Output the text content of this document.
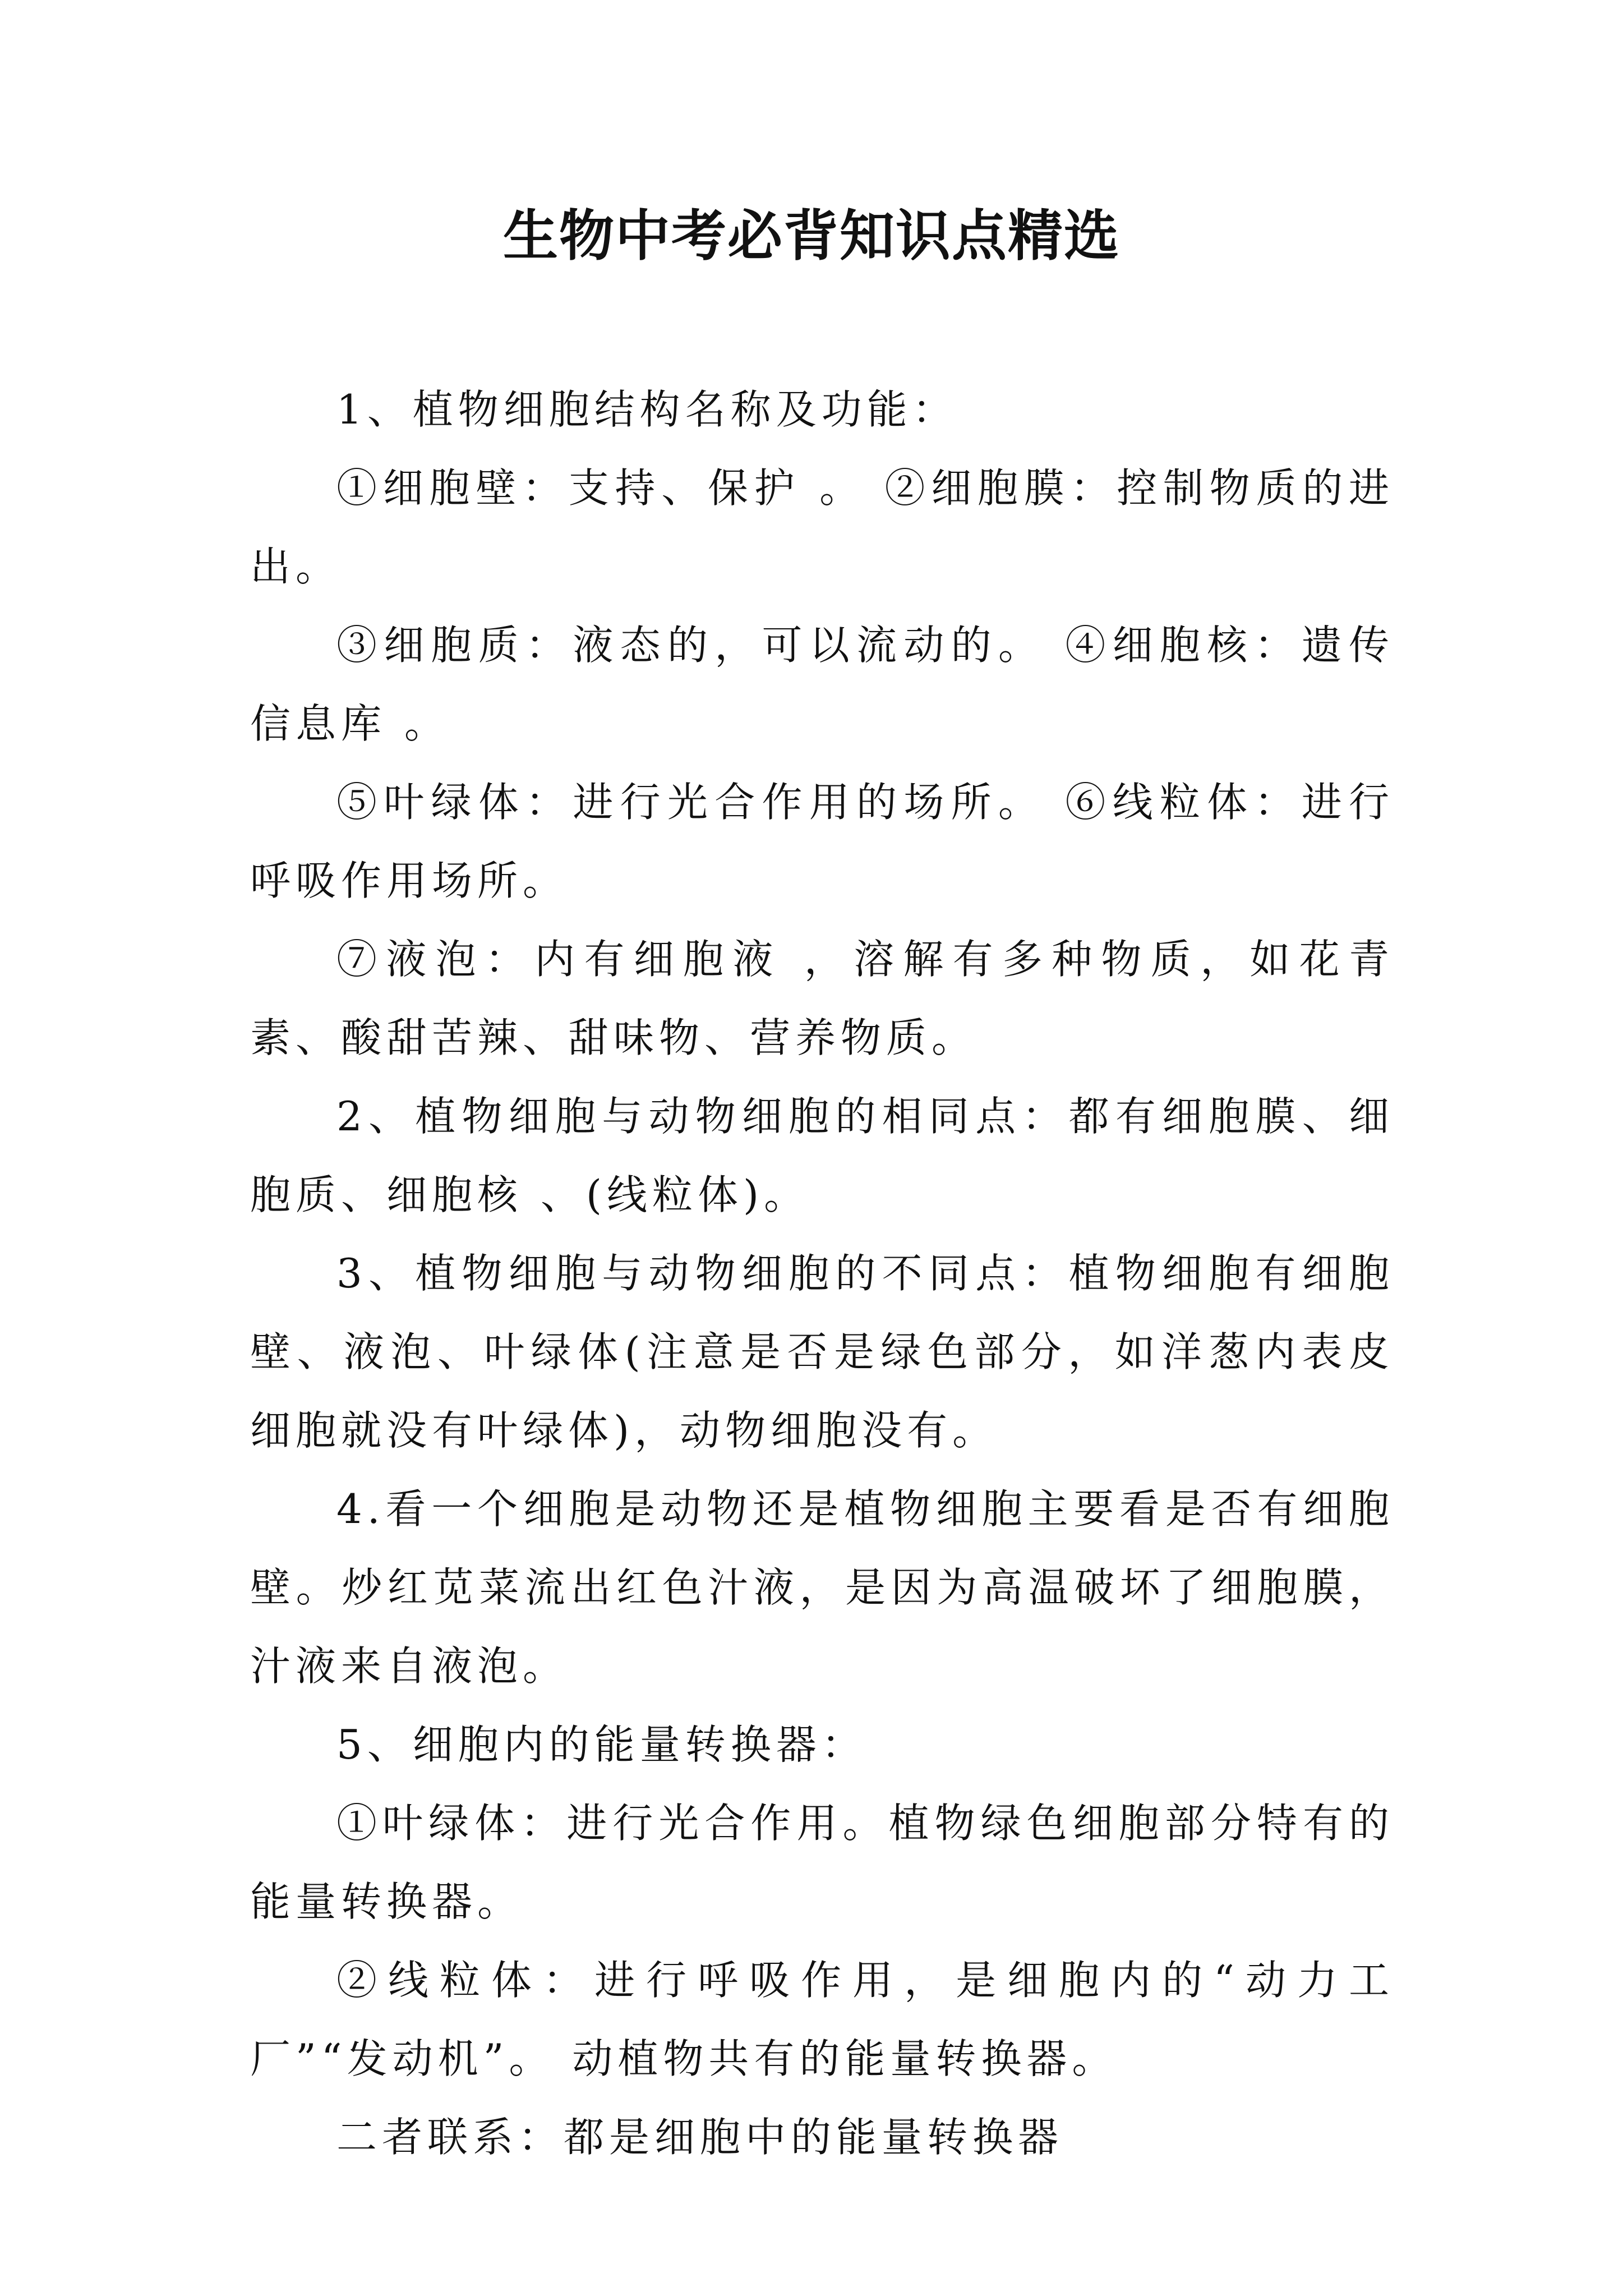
生物中考必背知识点精选

1、植物细胞结构名称及功能：

①细胞壁：支持、保护 。 ②细胞膜：控制物质的进出。

③细胞质：液态的，可以流动的。 ④细胞核：遗传信息库 。

⑤叶绿体：进行光合作用的场所。 ⑥线粒体：进行呼吸作用场所。

⑦液泡：内有细胞液 ，溶解有多种物质，如花青素、酸甜苦辣、甜味物、营养物质。

2、植物细胞与动物细胞的相同点：都有细胞膜、细胞质、细胞核 、(线粒体)。

3、植物细胞与动物细胞的不同点：植物细胞有细胞壁、液泡、叶绿体(注意是否是绿色部分，如洋葱内表皮细胞就没有叶绿体)，动物细胞没有。

4.看一个细胞是动物还是植物细胞主要看是否有细胞壁。炒红苋菜流出红色汁液，是因为高温破坏了细胞膜，汁液来自液泡。

5、细胞内的能量转换器：

①叶绿体：进行光合作用。植物绿色细胞部分特有的能量转换器。

②线粒体：进行呼吸作用，是细胞内的“动力工厂”“发动机”。 动植物共有的能量转换器。

二者联系：都是细胞中的能量转换器
